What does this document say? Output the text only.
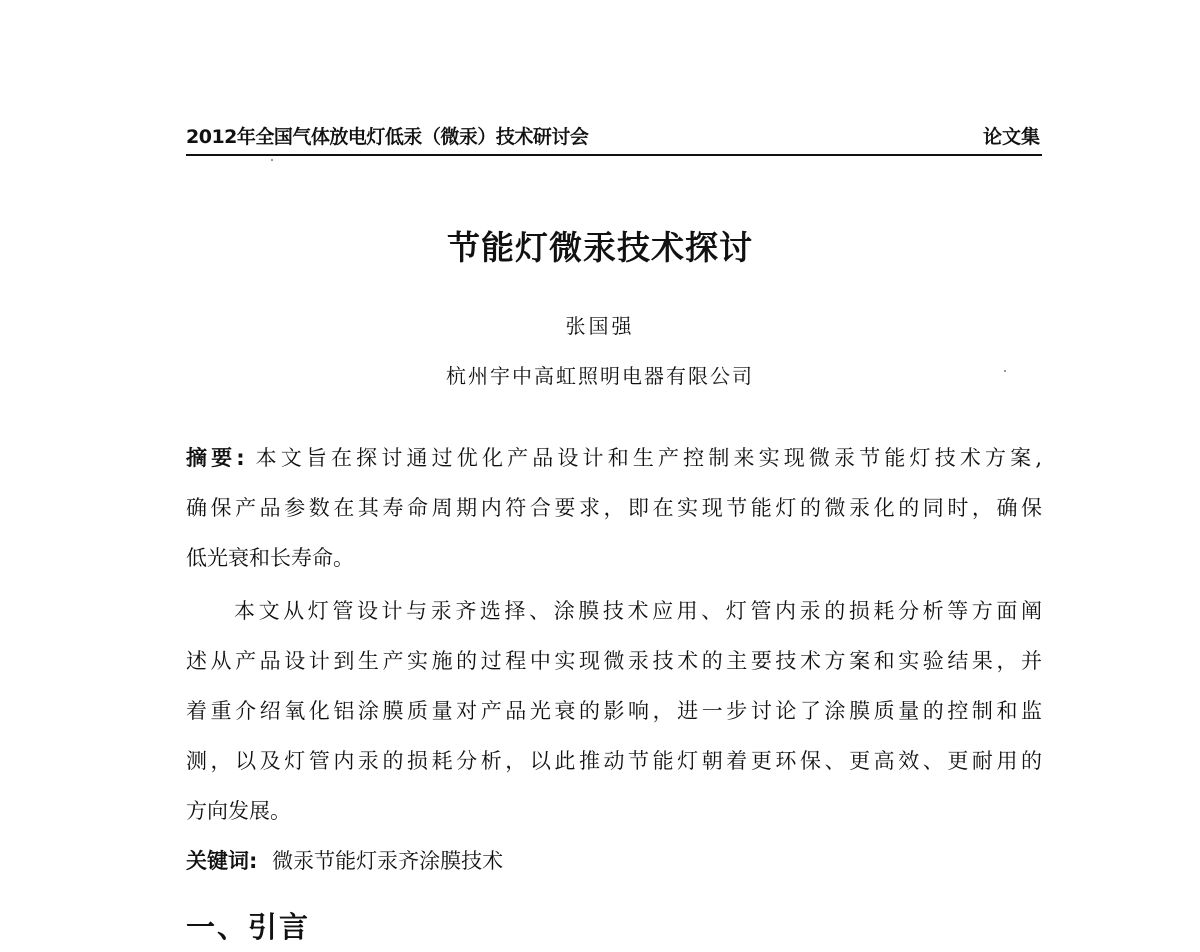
2012年全国气体放电灯低汞（微汞）技术研讨会	论文集
节能灯微汞技术探讨
张国强
杭州宇中高虹照明电器有限公司
摘要: 本文旨在探讨通过优化产品设计和生产控制来实现微汞节能灯技术方案,
确保产品参数在其寿命周期内符合要求，即在实现节能灯的微汞化的同时，确保
低光衰和长寿命。
本文从灯管设计与汞齐选择、涂膜技术应用、灯管内汞的损耗分析等方面阐
述从产品设计到生产实施的过程中实现微汞技术的主要技术方案和实验结果，并
着重介绍氧化铝涂膜质量对产品光衰的影响，进一步讨论了涂膜质量的控制和监
测，以及灯管内汞的损耗分析，以此推动节能灯朝着更环保、更高效、更耐用的
方向发展。
关键词: 微汞节能灯汞齐涂膜技术
一、引言
